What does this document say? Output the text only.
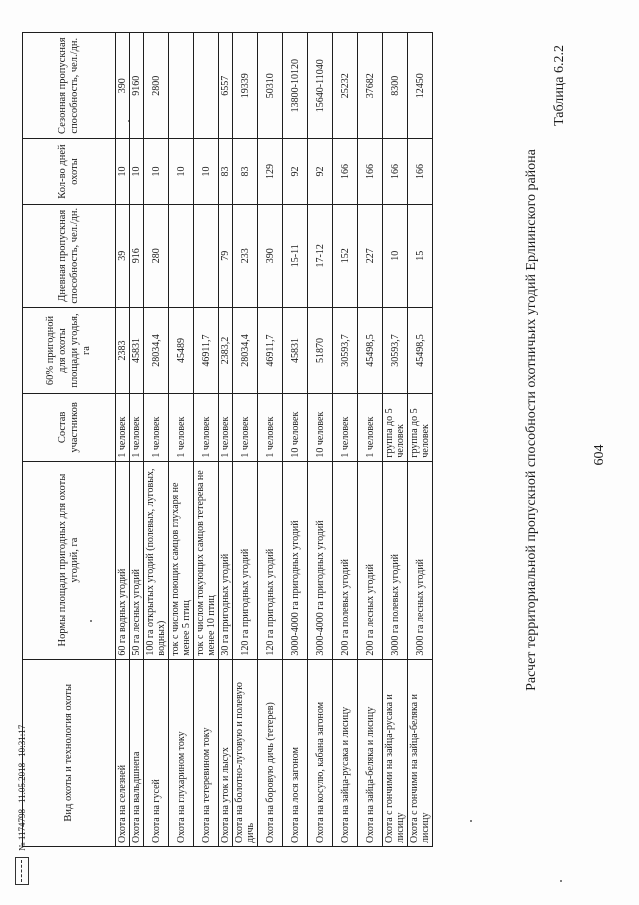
604
Таблица 6.2.2
Расчет территориальной пропускной способности охотничьих угодий Ерлиинского района
Вид охоты и технология охоты	Нормы площади пригодных для охоты угодий, га	Состав участников	60% пригодной для охоты площади угодья, га	Дневная пропускная способность, чел./дн.	Кол-во дней охоты	Сезонная пропускная способность, чел./дн.
Охота на селезней	60 га водных угодий	1 человек	2383	39	10	390
Охота на вальдшнепа	50 га лесных угодий	1 человек	45831	916	10	9160
Охота на гусей	100 га открытых угодий (полевых, луговых, водных)	1 человек	28034,4	280	10	2800
Охота на глухарином току	ток с числом поющих самцов глухаря не менее 5 птиц	1 человек	45489		10	
Охота на тетеревином току	ток с числом токующих самцов тетерева не менее 10 птиц	1 человек	46911,7		10	
Охота на уток и лысух	30 га пригодных угодий	1 человек	2383,2	79	83	6557
Охота на болотно-луговую и полевую дичь	120 га пригодных угодий	1 человек	28034,4	233	83	19339
Охота на боровую дичь (тетерев)	120 га пригодных угодий	1 человек	46911,7	390	129	50310
Охота на лося загоном	3000-4000 га пригодных угодий	10 человек	45831	15-11	92	13800-10120
Охота на косулю, кабана загоном	3000-4000 га пригодных угодий	10 человек	51870	17-12	92	15640-11040
Охота на зайца-русака и лисицу	200 га полевых угодий	1 человек	30593,7	152	166	25232
Охота на зайца-беляка и лисицу	200 га лесных угодий	1 человек	45498,5	227	166	37682
Охота с гончими на зайца-русака и лисицу	3000 га полевых угодий	группа до 5 человек	30593,7	10	166	8300
Охота с гончими на зайца-беляка и лисицу	3000 га лесных угодий	группа до 5 человек	45498,5	15	166	12450
№ 1174798
11.05.2018
10:31:17
